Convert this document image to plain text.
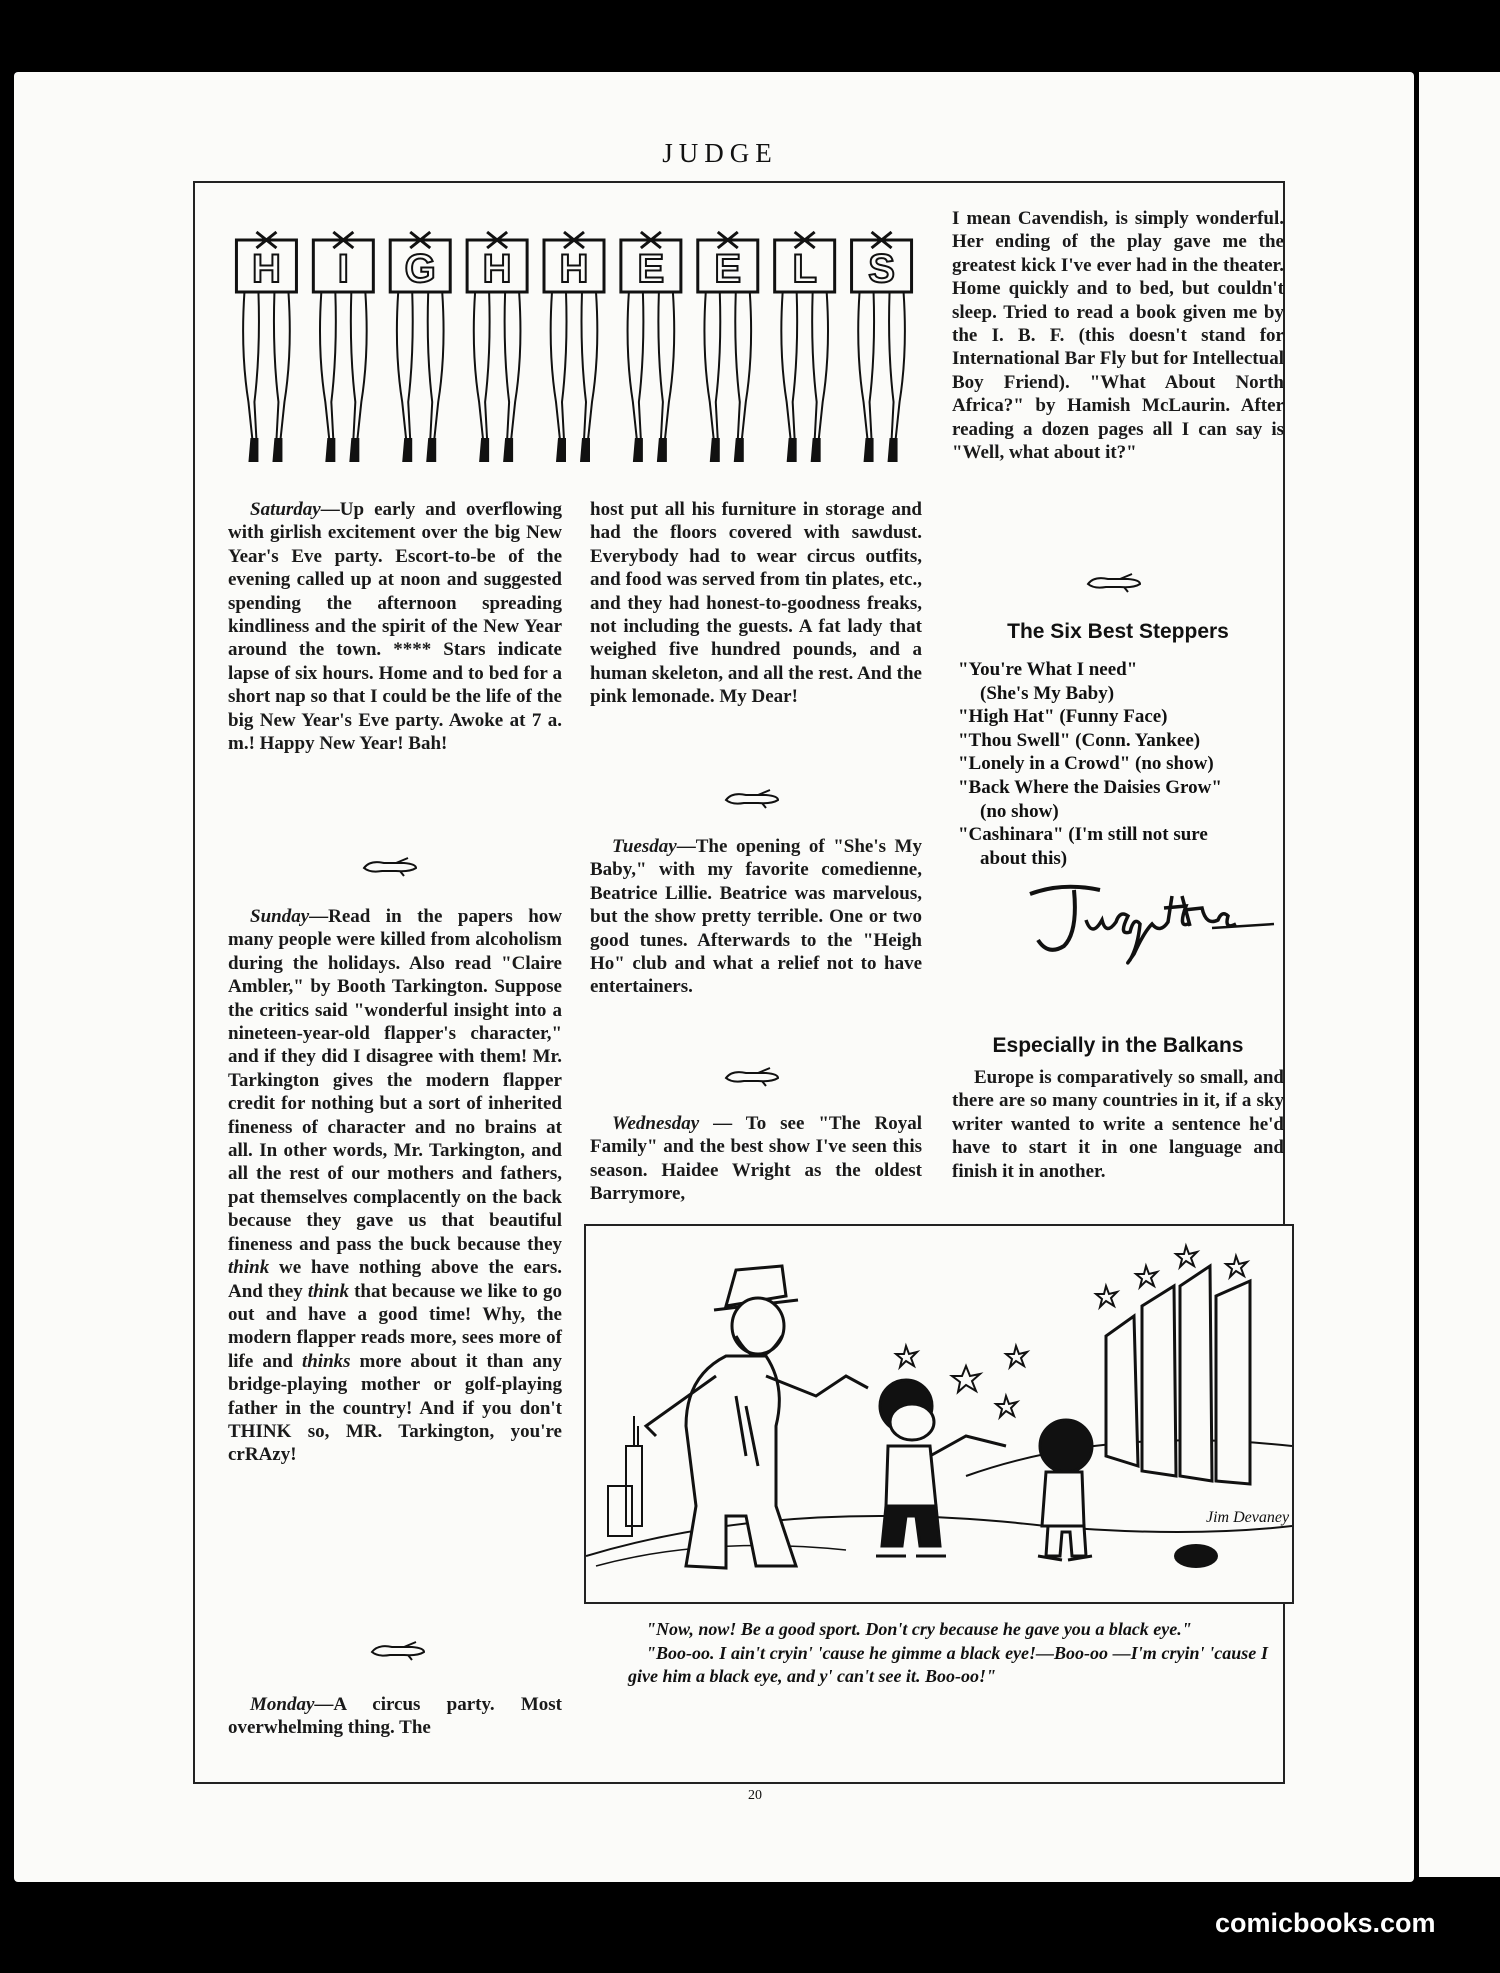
JUDGE
H I G H H E E L S

Saturday—Up early and overflowing with girlish excitement over the big New Year's Eve party. Escort-to-be of the evening called up at noon and suggested spending the afternoon spreading kindliness and the spirit of the New Year around the town. **** Stars indicate lapse of six hours. Home and to bed for a short nap so that I could be the life of the big New Year's Eve party. Awoke at 7 a. m.! Happy New Year! Bah!

Sunday—Read in the papers how many people were killed from alcoholism during the holidays. Also read "Claire Ambler," by Booth Tarkington. Suppose the critics said "wonderful insight into a nineteen-year-old flapper's character," and if they did I disagree with them! Mr. Tarkington gives the modern flapper credit for nothing but a sort of inherited fineness of character and no brains at all. In other words, Mr. Tarkington, and all the rest of our mothers and fathers, pat themselves complacently on the back because they gave us that beautiful fineness and pass the buck because they think we have nothing above the ears. And they think that because we like to go out and have a good time! Why, the modern flapper reads more, sees more of life and thinks more about it than any bridge-playing mother or golf-playing father in the country! And if you don't THINK so, MR. Tarkington, you're crRAzy!

Monday—A circus party. Most overwhelming thing. The

host put all his furniture in storage and had the floors covered with sawdust. Everybody had to wear circus outfits, and food was served from tin plates, etc., and they had honest-to-goodness freaks, not including the guests. A fat lady that weighed five hundred pounds, and a human skeleton, and all the rest. And the pink lemonade. My Dear!

Tuesday—The opening of "She's My Baby," with my favorite comedienne, Beatrice Lillie. Beatrice was marvelous, but the show pretty terrible. One or two good tunes. Afterwards to the "Heigh Ho" club and what a relief not to have entertainers.

Wednesday — To see "The Royal Family" and the best show I've seen this season. Haidee Wright as the oldest Barrymore,

I mean Cavendish, is simply wonderful. Her ending of the play gave me the greatest kick I've ever had in the theater. Home quickly and to bed, but couldn't sleep. Tried to read a book given me by the I. B. F. (this doesn't stand for International Bar Fly but for Intellectual Boy Friend). "What About North Africa?" by Hamish McLaurin. After reading a dozen pages all I can say is "Well, what about it?"

The Six Best Steppers
"You're What I need"
(She's My Baby)
"High Hat" (Funny Face)
"Thou Swell" (Conn. Yankee)
"Lonely in a Crowd" (no show)
"Back Where the Daisies Grow"
(no show)
"Cashinara" (I'm still not sure
about this)
Especially in the Balkans

Europe is comparatively so small, and there are so many countries in it, if a sky writer wanted to write a sentence he'd have to start it in one language and finish it in another.

Jim Devaney

"Now, now! Be a good sport. Don't cry because he gave you a black eye."

"Boo-oo. I ain't cryin' 'cause he gimme a black eye!—Boo-oo —I'm cryin' 'cause I give him a black eye, and y' can't see it. Boo-oo!"

20
comicbooks.com
